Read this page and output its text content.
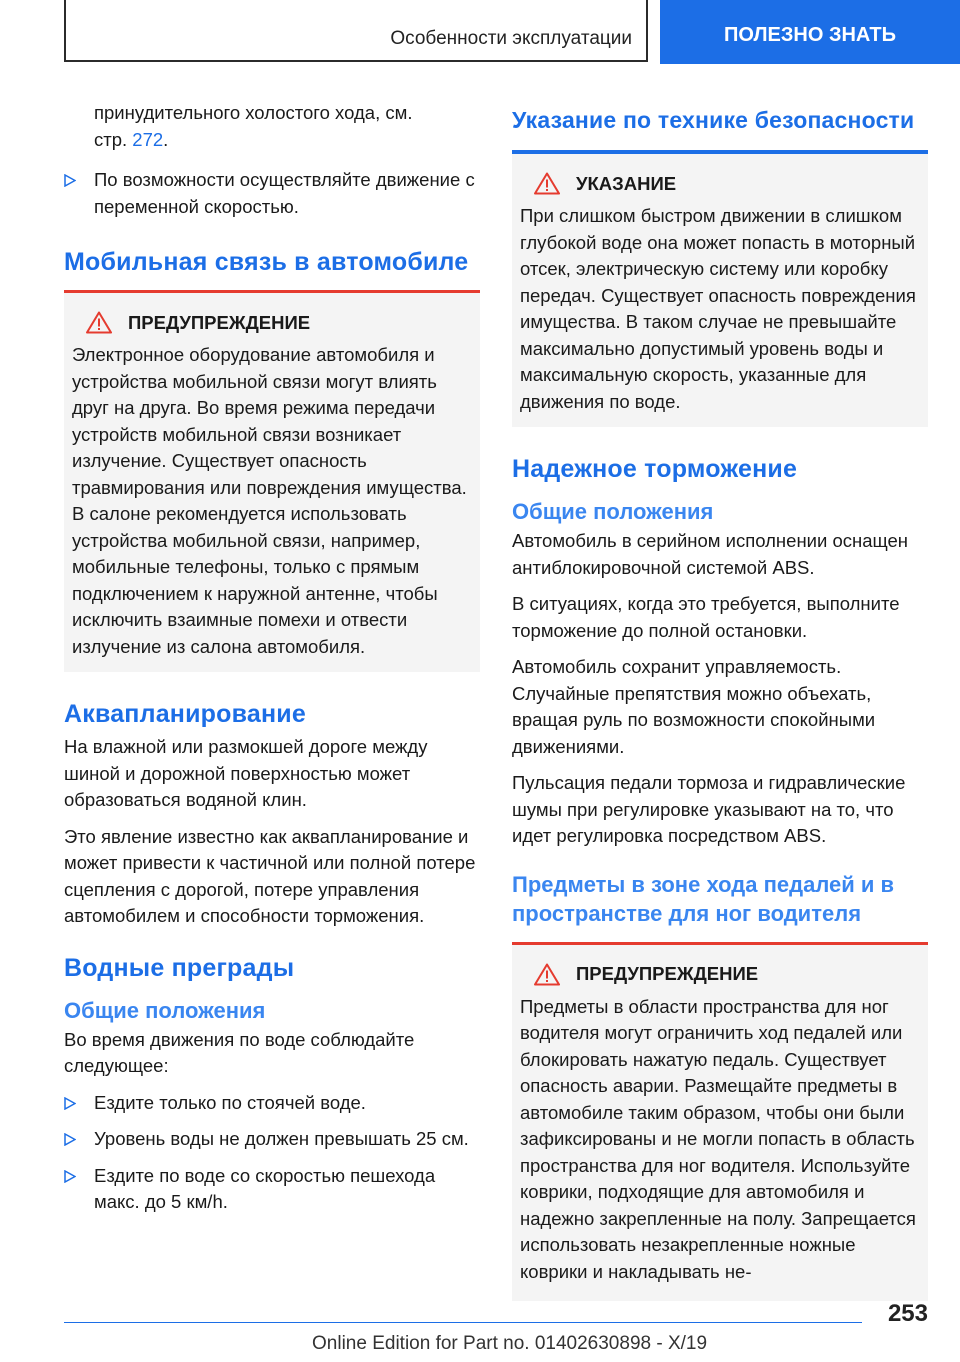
Особенности эксплуатации	ПОЛЕЗНО ЗНАТЬ

принудительного холостого хода, см.
стр. 272.

По возможности осуществляйте движение с переменной скоростью.
Мобильная связь в автомобиле
ПРЕДУПРЕЖДЕНИЕ

Электронное оборудование автомобиля и устройства мобильной связи могут влиять друг на друга. Во время режима передачи устройств мобильной связи возникает излучение. Существует опасность травмирования или повреждения имущества. В салоне рекомендуется использовать устройства мобильной связи, например, мобильные телефоны, только с прямым подключением к наружной антенне, чтобы исключить взаимные помехи и отвести излучение из салона автомобиля.

Аквапланирование

На влажной или размокшей дороге между шиной и дорожной поверхностью может образоваться водяной клин.

Это явление известно как аквапланирование и может привести к частичной или полной потере сцепления с дорогой, потере управления автомобилем и способности торможения.

Водные преграды
Общие положения

Во время движения по воде соблюдайте следующее:

Ездите только по стоячей воде.
Уровень воды не должен превышать 25 см.
Ездите по воде со скоростью пешехода макс. до 5 км/h.
Указание по технике безопасности
УКАЗАНИЕ

При слишком быстром движении в слишком глубокой воде она может попасть в моторный отсек, электрическую систему или коробку передач. Существует опасность повреждения имущества. В таком случае не превышайте максимально допустимый уровень воды и максимальную скорость, указанные для движения по воде.

Надежное торможение
Общие положения

Автомобиль в серийном исполнении оснащен антиблокировочной системой ABS.

В ситуациях, когда это требуется, выполните торможение до полной остановки.

Автомобиль сохранит управляемость. Случайные препятствия можно объехать, вращая руль по возможности спокойными движениями.

Пульсация педали тормоза и гидравлические шумы при регулировке указывают на то, что идет регулировка посредством ABS.

Предметы в зоне хода педалей и в пространстве для ног водителя
ПРЕДУПРЕЖДЕНИЕ

Предметы в области пространства для ног водителя могут ограничить ход педалей или блокировать нажатую педаль. Существует опасность аварии. Размещайте предметы в автомобиле таким образом, чтобы они были зафиксированы и не могли попасть в область пространства для ног водителя. Используйте коврики, подходящие для автомобиля и надежно закрепленные на полу. Запрещается использовать незакрепленные ножные коврики и накладывать не-

253
Online Edition for Part no. 01402630898 - X/19
